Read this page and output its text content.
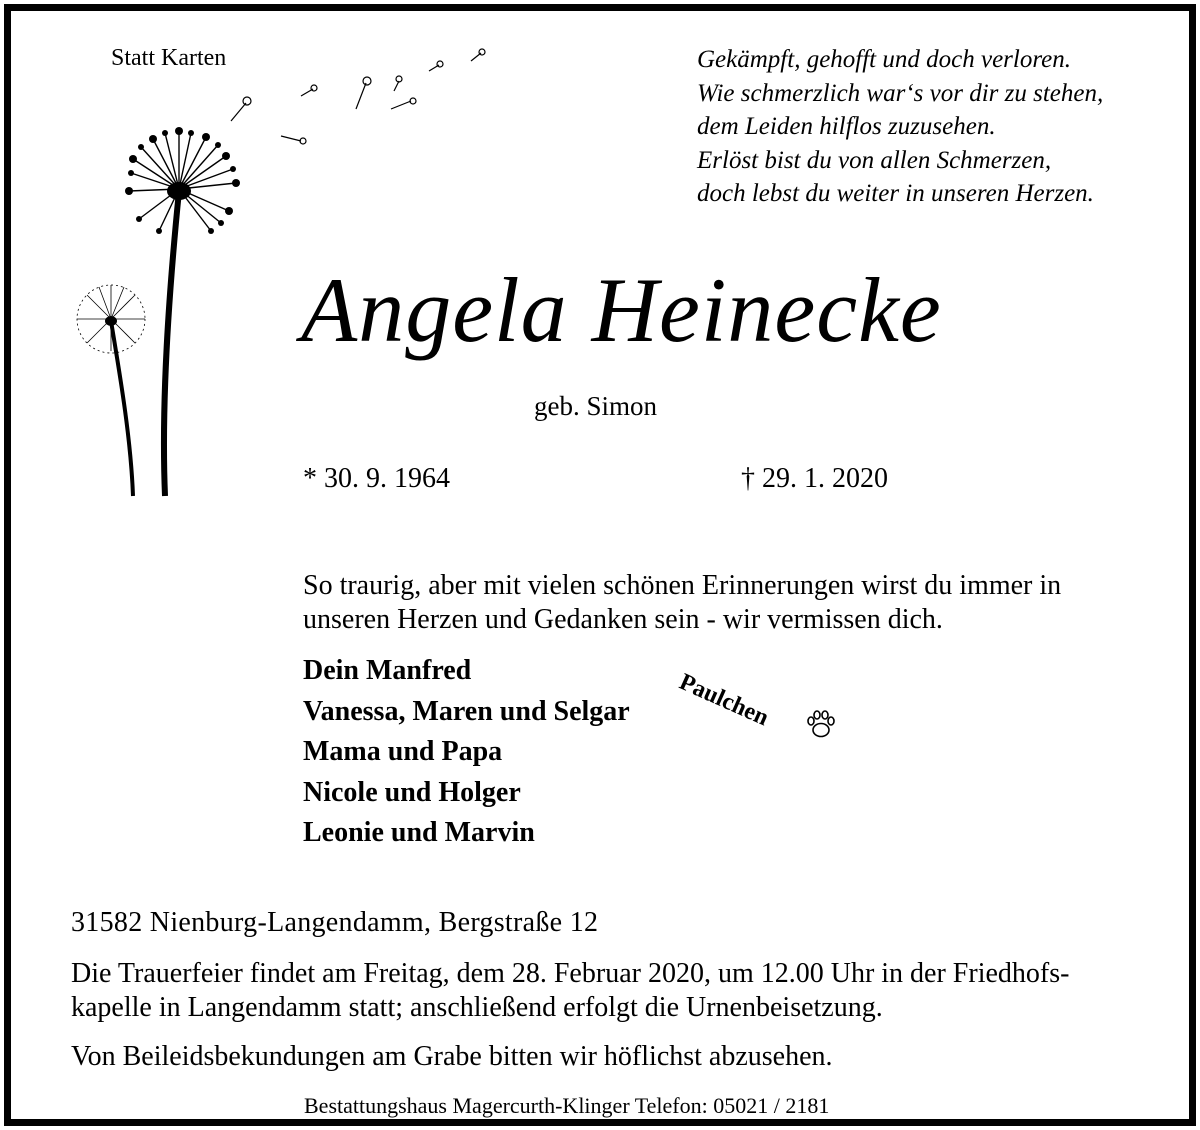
Statt Karten	Gekämpft, gehofft und doch verloren.
Wie schmerzlich war‘s vor dir zu stehen,
dem Leiden hilflos zuzusehen.
Erlöst bist du von allen Schmerzen,
doch lebst du weiter in unseren Herzen.

Angela Heinecke

geb. Simon

* 30. 9. 1964	† 29. 1. 2020

So traurig, aber mit vielen schönen Erinnerungen wirst du immer in
unseren Herzen und Gedanken sein - wir vermissen dich.
Dein Manfred
Vanessa, Maren und Selgar
Mama und Papa
Nicole und Holger
Leonie und Marvin

Paulchen

31582 Nienburg-Langendamm, Bergstraße 12

Die Trauerfeier findet am Freitag, dem 28. Februar 2020, um 12.00 Uhr in der Friedhofs-
kapelle in Langendamm statt; anschließend erfolgt die Urnenbeisetzung.

Von Beileidsbekundungen am Grabe bitten wir höflichst abzusehen.

Bestattungshaus Magercurth-Klinger Telefon: 05021 / 2181
